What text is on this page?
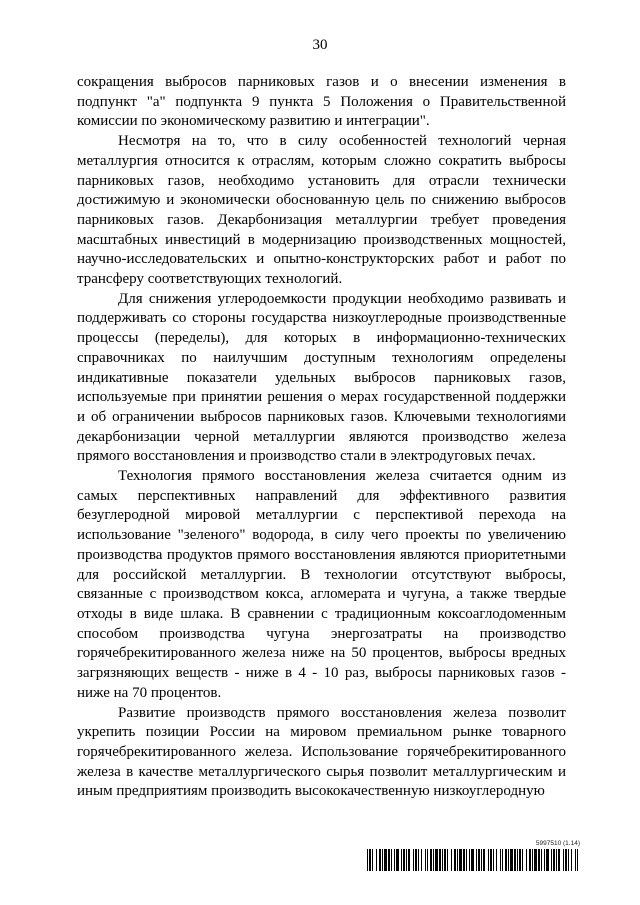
30

сокращения выбросов парниковых газов и о внесении изменения в подпункт "а" подпункта 9 пункта 5 Положения о Правительственной комиссии по экономическому развитию и интеграции".

Несмотря на то, что в силу особенностей технологий черная металлургия относится к отраслям, которым сложно сократить выбросы парниковых газов, необходимо установить для отрасли технически достижимую и экономически обоснованную цель по снижению выбросов парниковых газов. Декарбонизация металлургии требует проведения масштабных инвестиций в модернизацию производственных мощностей, научно-исследовательских и опытно-конструкторских работ и работ по трансферу соответствующих технологий.

Для снижения углеродоемкости продукции необходимо развивать и поддерживать со стороны государства низкоуглеродные производственные процессы (переделы), для которых в информационно-технических справочниках по наилучшим доступным технологиям определены индикативные показатели удельных выбросов парниковых газов, используемые при принятии решения о мерах государственной поддержки и об ограничении выбросов парниковых газов. Ключевыми технологиями декарбонизации черной металлургии являются производство железа прямого восстановления и производство стали в электродуговых печах.

Технология прямого восстановления железа считается одним из самых перспективных направлений для эффективного развития безуглеродной мировой металлургии с перспективой перехода на использование "зеленого" водорода, в силу чего проекты по увеличению производства продуктов прямого восстановления являются приоритетными для российской металлургии. В технологии отсутствуют выбросы, связанные с производством кокса, агломерата и чугуна, а также твердые отходы в виде шлака. В сравнении с традиционным коксоаглодоменным способом производства чугуна энергозатраты на производство горячебрекитированного железа ниже на 50 процентов, выбросы вредных загрязняющих веществ - ниже в 4 - 10 раз, выбросы парниковых газов - ниже на 70 процентов.

Развитие производств прямого восстановления железа позволит укрепить позиции России на мировом премиальном рынке товарного горячебрекитированного железа. Использование горячебрекитированного железа в качестве металлургического сырья позволит металлургическим и иным предприятиям производить высококачественную низкоуглеродную

5997510 (1.14)
